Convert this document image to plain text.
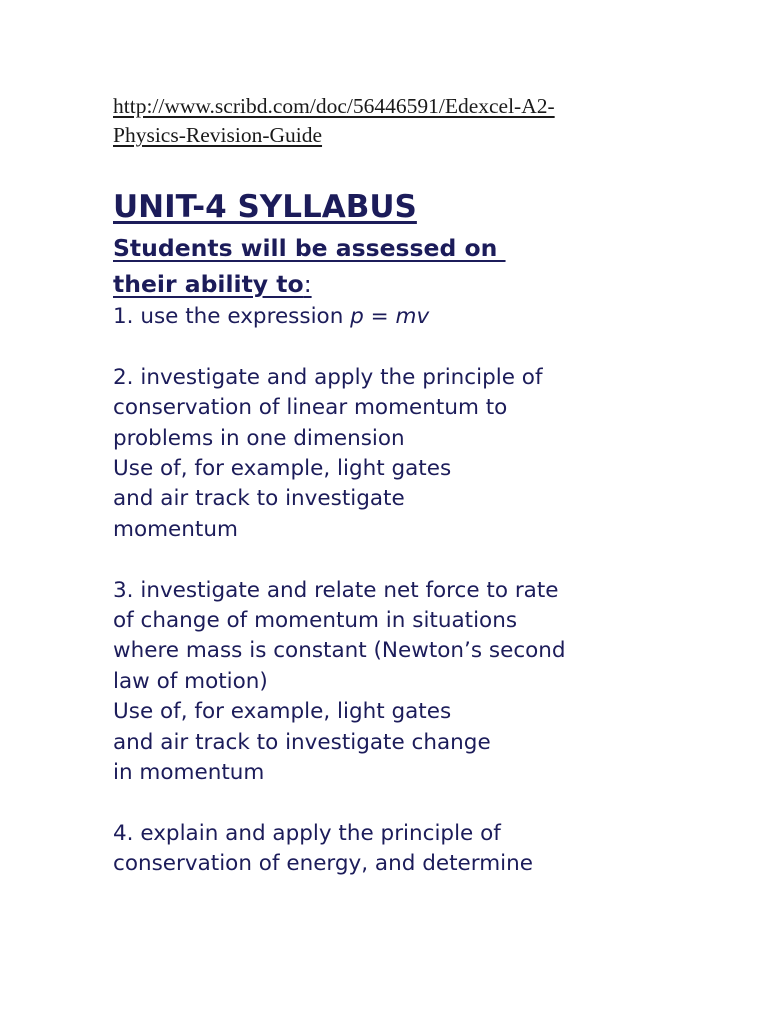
http://www.scribd.com/doc/56446591/Edexcel-A2-
Physics-Revision-Guide
UNIT-4 SYLLABUS
Students will be assessed on
their ability to:
1. use the expression p = mv
2. investigate and apply the principle of
conservation of linear momentum to
problems in one dimension
Use of, for example, light gates
and air track to investigate
momentum
3. investigate and relate net force to rate
of change of momentum in situations
where mass is constant (Newton’s second
law of motion)
Use of, for example, light gates
and air track to investigate change
in momentum
4. explain and apply the principle of
conservation of energy, and determine
